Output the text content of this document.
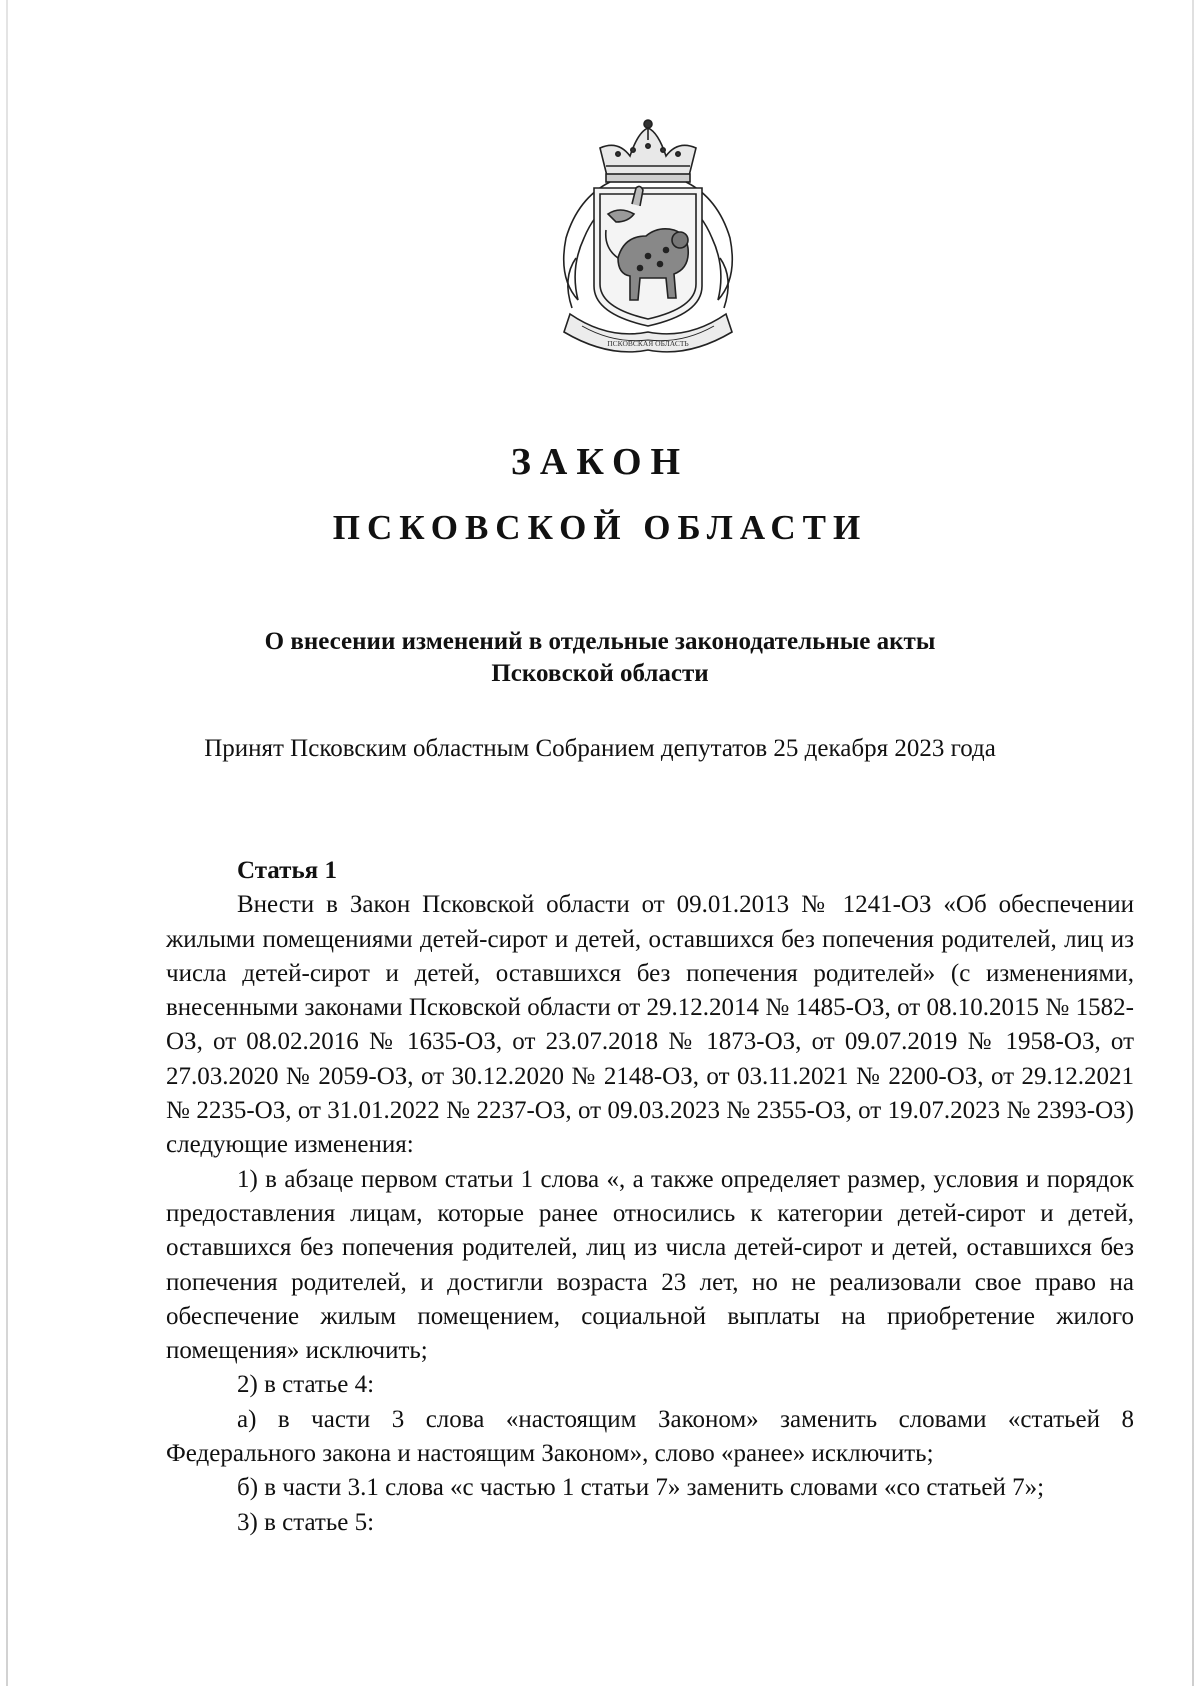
ПСКОВСКАЯ ОБЛАСТЬ
ЗАКОН
ПСКОВСКОЙ ОБЛАСТИ
О внесении изменений в отдельные законодательные акты
Псковской области
Принят Псковским областным Собранием депутатов 25 декабря 2023 года

Статья 1

Внести в Закон Псковской области от 09.01.2013 № 1241-ОЗ «Об обеспечении жилыми помещениями детей-сирот и детей, оставшихся без попечения родителей, лиц из числа детей-сирот и детей, оставшихся без попечения родителей» (с изменениями, внесенными законами Псковской области от 29.12.2014 № 1485-ОЗ, от 08.10.2015 № 1582-ОЗ, от 08.02.2016 № 1635-ОЗ, от 23.07.2018 № 1873-ОЗ, от 09.07.2019 № 1958-ОЗ, от 27.03.2020 № 2059-ОЗ, от 30.12.2020 № 2148-ОЗ, от 03.11.2021 № 2200-ОЗ, от 29.12.2021 № 2235-ОЗ, от 31.01.2022 № 2237-ОЗ, от 09.03.2023 № 2355-ОЗ, от 19.07.2023 № 2393-ОЗ) следующие изменения:

1) в абзаце первом статьи 1 слова «, а также определяет размер, условия и порядок предоставления лицам, которые ранее относились к категории детей-сирот и детей, оставшихся без попечения родителей, лиц из числа детей-сирот и детей, оставшихся без попечения родителей, и достигли возраста 23 лет, но не реализовали свое право на обеспечение жилым помещением, социальной выплаты на приобретение жилого помещения» исключить;

2) в статье 4:

а) в части 3 слова «настоящим Законом» заменить словами «статьей 8 Федерального закона и настоящим Законом», слово «ранее» исключить;

б) в части 3.1 слова «с частью 1 статьи 7» заменить словами «со статьей 7»;

3) в статье 5:
